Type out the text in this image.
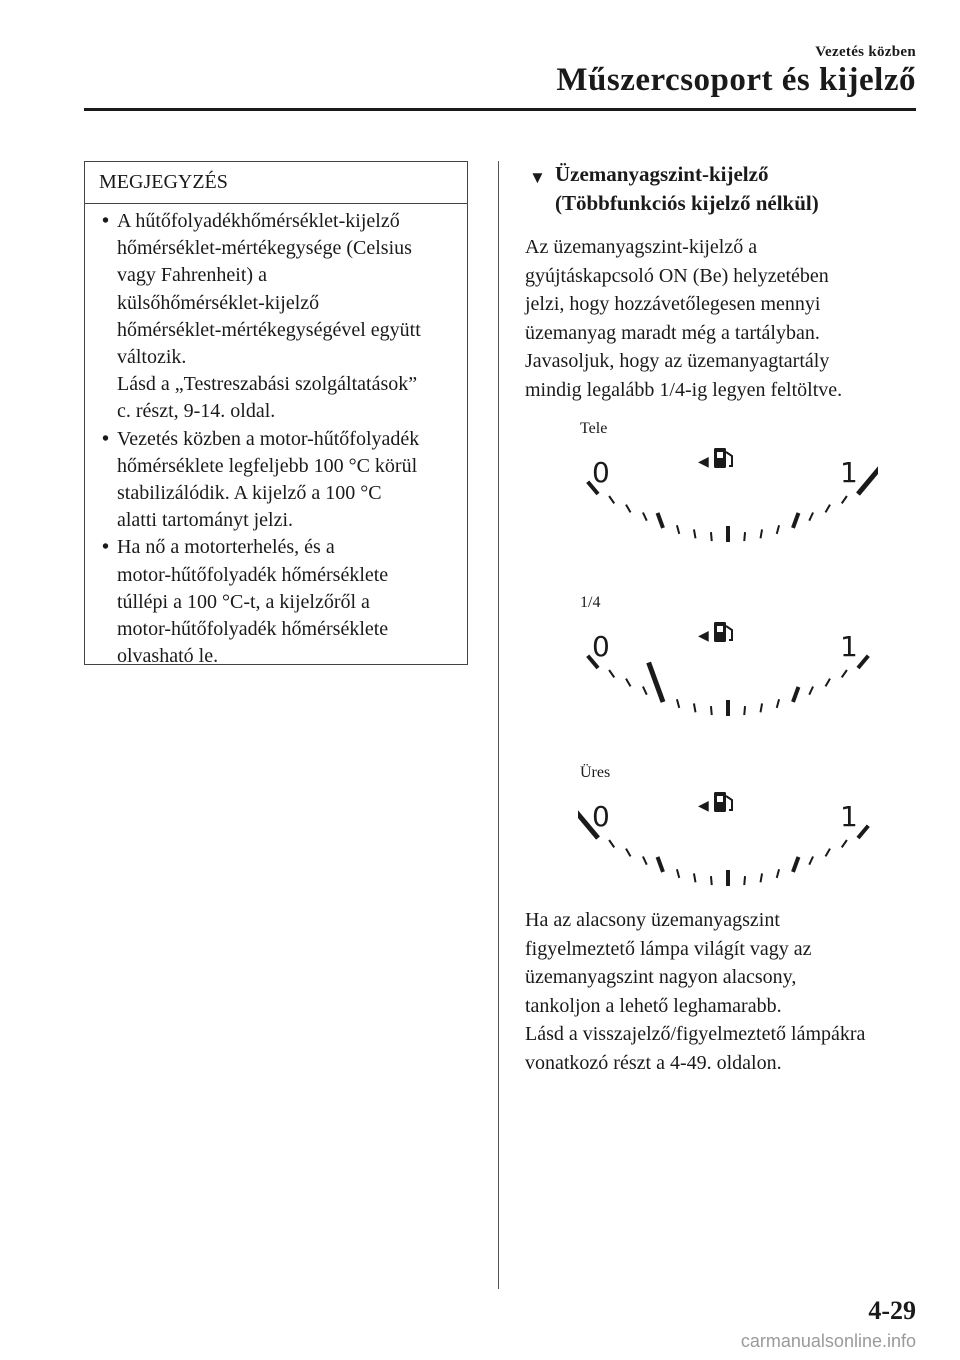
Vezetés közben
Műszercsoport és kijelző
MEGJEGYZÉS
• A hűtőfolyadékhőmérséklet-kijelző
hőmérséklet-mértékegysége (Celsius
vagy Fahrenheit) a
külsőhőmérséklet-kijelző
hőmérséklet-mértékegységével együtt
változik.
Lásd a „Testreszabási szolgáltatások”
c. részt, 9-14. oldal.
• Vezetés közben a motor-hűtőfolyadék
hőmérséklete legfeljebb 100 °C körül
stabilizálódik. A kijelző a 100 °C
alatti tartományt jelzi.
• Ha nő a motorterhelés, és a
motor-hűtőfolyadék hőmérséklete
túllépi a 100 °C-t, a kijelzőről a
motor-hűtőfolyadék hőmérséklete
olvasható le.
▼ Üzemanyagszint-kijelző
(Többfunkciós kijelző nélkül)

Az üzemanyagszint-kijelző a
gyújtáskapcsoló ON (Be) helyzetében
jelzi, hogy hozzávetőlegesen mennyi
üzemanyag maradt még a tartályban.
Javasoljuk, hogy az üzemanyagtartály
mindig legalább 1/4-ig legyen feltöltve.

Tele
0	1
◀
1/4
0	1
◀
Üres
0	1
◀

Ha az alacsony üzemanyagszint
figyelmeztető lámpa világít vagy az
üzemanyagszint nagyon alacsony,
tankoljon a lehető leghamarabb.
Lásd a visszajelző/figyelmeztető lámpákra
vonatkozó részt a 4-49. oldalon.

4-29
carmanualsonline.info
